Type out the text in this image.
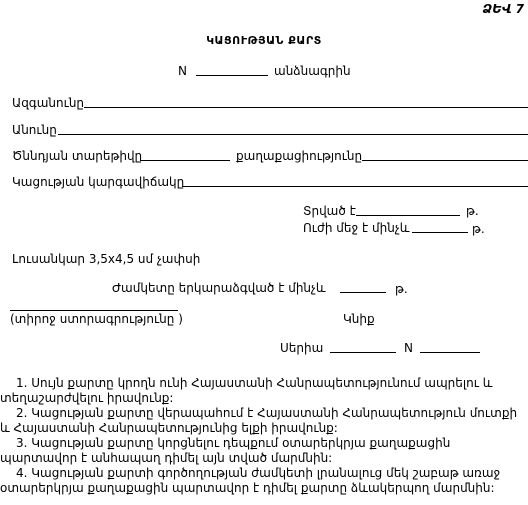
ՁԵՎ 7
ԿԱՑՈՒԹՅԱՆ ՔԱՐՏ
N	անձնագրին
Ազգանունը
Անունը
Ծննդյան տարեթիվը	քաղաքացիությունը
Կացության կարգավիճակը
Տրված է	թ.
Ուժի մեջ է մինչև	թ.
Լուսանկար 3,5x4,5 սմ չափսի
Ժամկետը երկարաձգված է մինչև	թ.
(տիրոջ ստորագրությունը )	Կնիք
Սերիա	N

1. Սույն քարտը կրողն ունի Հայաստանի Հանրապետությունում ապրելու և տեղաշարժվելու իրավունք:

2. Կացության քարտը վերապահում է Հայաստանի Հանրապետություն մուտքի և Հայաստանի Հանրապետությունից ելքի իրավունք:

3. Կացության քարտը կորցնելու դեպքում օտարերկրյա քաղաքացին պարտավոր է անհապաղ դիմել այն տված մարմնին:

4. Կացության քարտի գործողության ժամկետի լրանալուց մեկ շաբաթ առաջ օտարերկրյա քաղաքացին պարտավոր է դիմել քարտը ձևակերպող մարմնին:
